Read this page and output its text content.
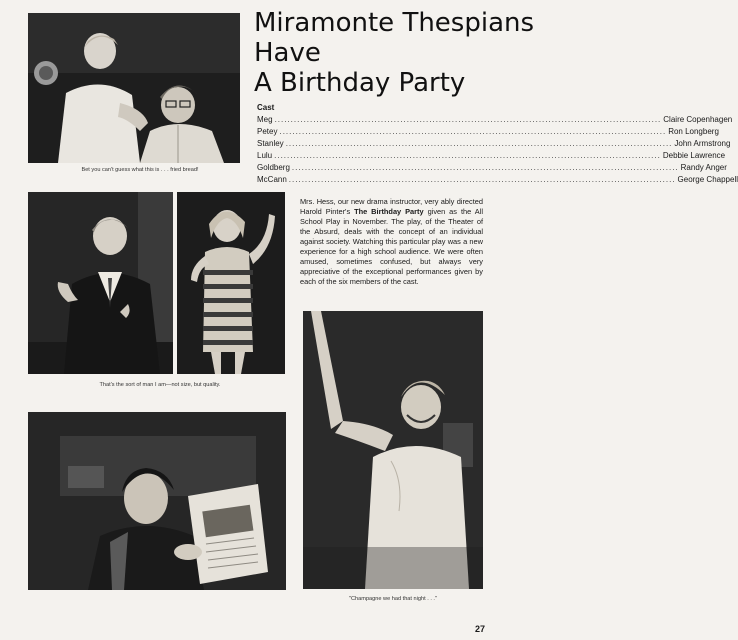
Bet you can't guess what this is . . . fried bread!
Miramonte Thespians
Have
A Birthday Party
Cast
Meg .....	Claire Copenhagen
Petey .....	Ron Longberg
Stanley .....	John Armstrong
Lulu .....	Debbie Lawrence
Goldberg .....	Randy Anger
McCann .....	George Chappell
That's the sort of man I am—not size, but quality.

Mrs. Hess, our new drama instructor, very ably directed Harold Pinter's The Birthday Party given as the All School Play in November. The play, of the Theater of the Absurd, deals with the concept of an individual against society. Watching this particular play was a new experience for a high school audience. We were often amused, sometimes confused, but always very appreciative of the exceptional performances given by each of the six members of the cast.

"Champagne we had that night . . ."
27
